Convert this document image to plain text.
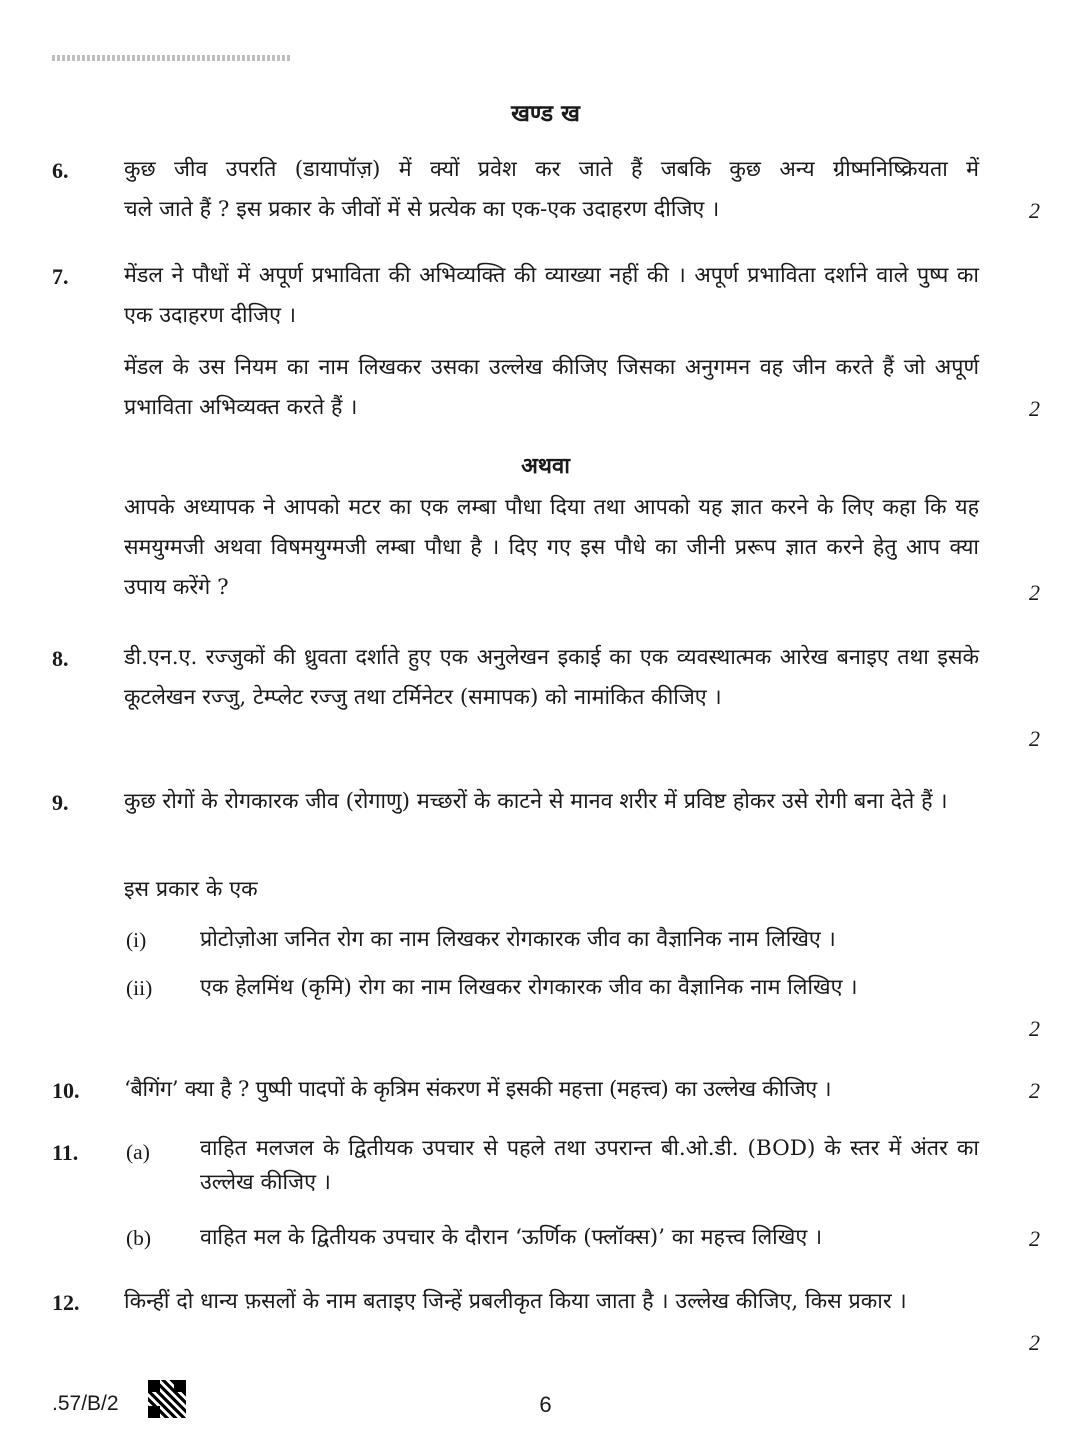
खण्ड ख
6.	कुछ जीव उपरति (डायापॉज़) में क्यों प्रवेश कर जाते हैं जबकि कुछ अन्य ग्रीष्मनिष्क्रियता में
चले जाते हैं ? इस प्रकार के जीवों में से प्रत्येक का एक-एक उदाहरण दीजिए ।	2
7.	मेंडल ने पौधों में अपूर्ण प्रभाविता की अभिव्यक्ति की व्याख्या नहीं की । अपूर्ण प्रभाविता दर्शाने वाले पुष्प का एक उदाहरण दीजिए ।
मेंडल के उस नियम का नाम लिखकर उसका उल्लेख कीजिए जिसका अनुगमन वह जीन करते हैं जो अपूर्ण प्रभाविता अभिव्यक्त करते हैं ।	2
अथवा
आपके अध्यापक ने आपको मटर का एक लम्बा पौधा दिया तथा आपको यह ज्ञात करने के लिए कहा कि यह समयुग्मजी अथवा विषमयुग्मजी लम्बा पौधा है । दिए गए इस पौधे का जीनी प्ररूप ज्ञात करने हेतु आप क्या उपाय करेंगे ?	2
8.	डी.एन.ए. रज्जुकों की ध्रुवता दर्शाते हुए एक अनुलेखन इकाई का एक व्यवस्थात्मक आरेख बनाइए तथा इसके कूटलेखन रज्जु, टेम्प्लेट रज्जु तथा टर्मिनेटर (समापक) को नामांकित कीजिए ।
2
9.	कुछ रोगों के रोगकारक जीव (रोगाणु) मच्छरों के काटने से मानव शरीर में प्रविष्ट होकर उसे रोगी बना देते हैं ।
इस प्रकार के एक
(i) प्रोटोज़ोआ जनित रोग का नाम लिखकर रोगकारक जीव का वैज्ञानिक नाम लिखिए ।
(ii) एक हेलमिंथ (कृमि) रोग का नाम लिखकर रोगकारक जीव का वैज्ञानिक नाम लिखिए ।
2
10. ‘बैगिंग’ क्या है ? पुष्पी पादपों के कृत्रिम संकरण में इसकी महत्ता (महत्त्व) का उल्लेख कीजिए ।	2
11. (a) वाहित मलजल के द्वितीयक उपचार से पहले तथा उपरान्त बी.ओ.डी. (BOD) के स्तर में अंतर का उल्लेख कीजिए ।
(b) वाहित मल के द्वितीयक उपचार के दौरान ‘ऊर्णिक (फ्लॉक्स)’ का महत्त्व लिखिए ।	2
12. किन्हीं दो धान्य फ़सलों के नाम बताइए जिन्हें प्रबलीकृत किया जाता है । उल्लेख कीजिए, किस प्रकार ।
2
.57/B/2	6
